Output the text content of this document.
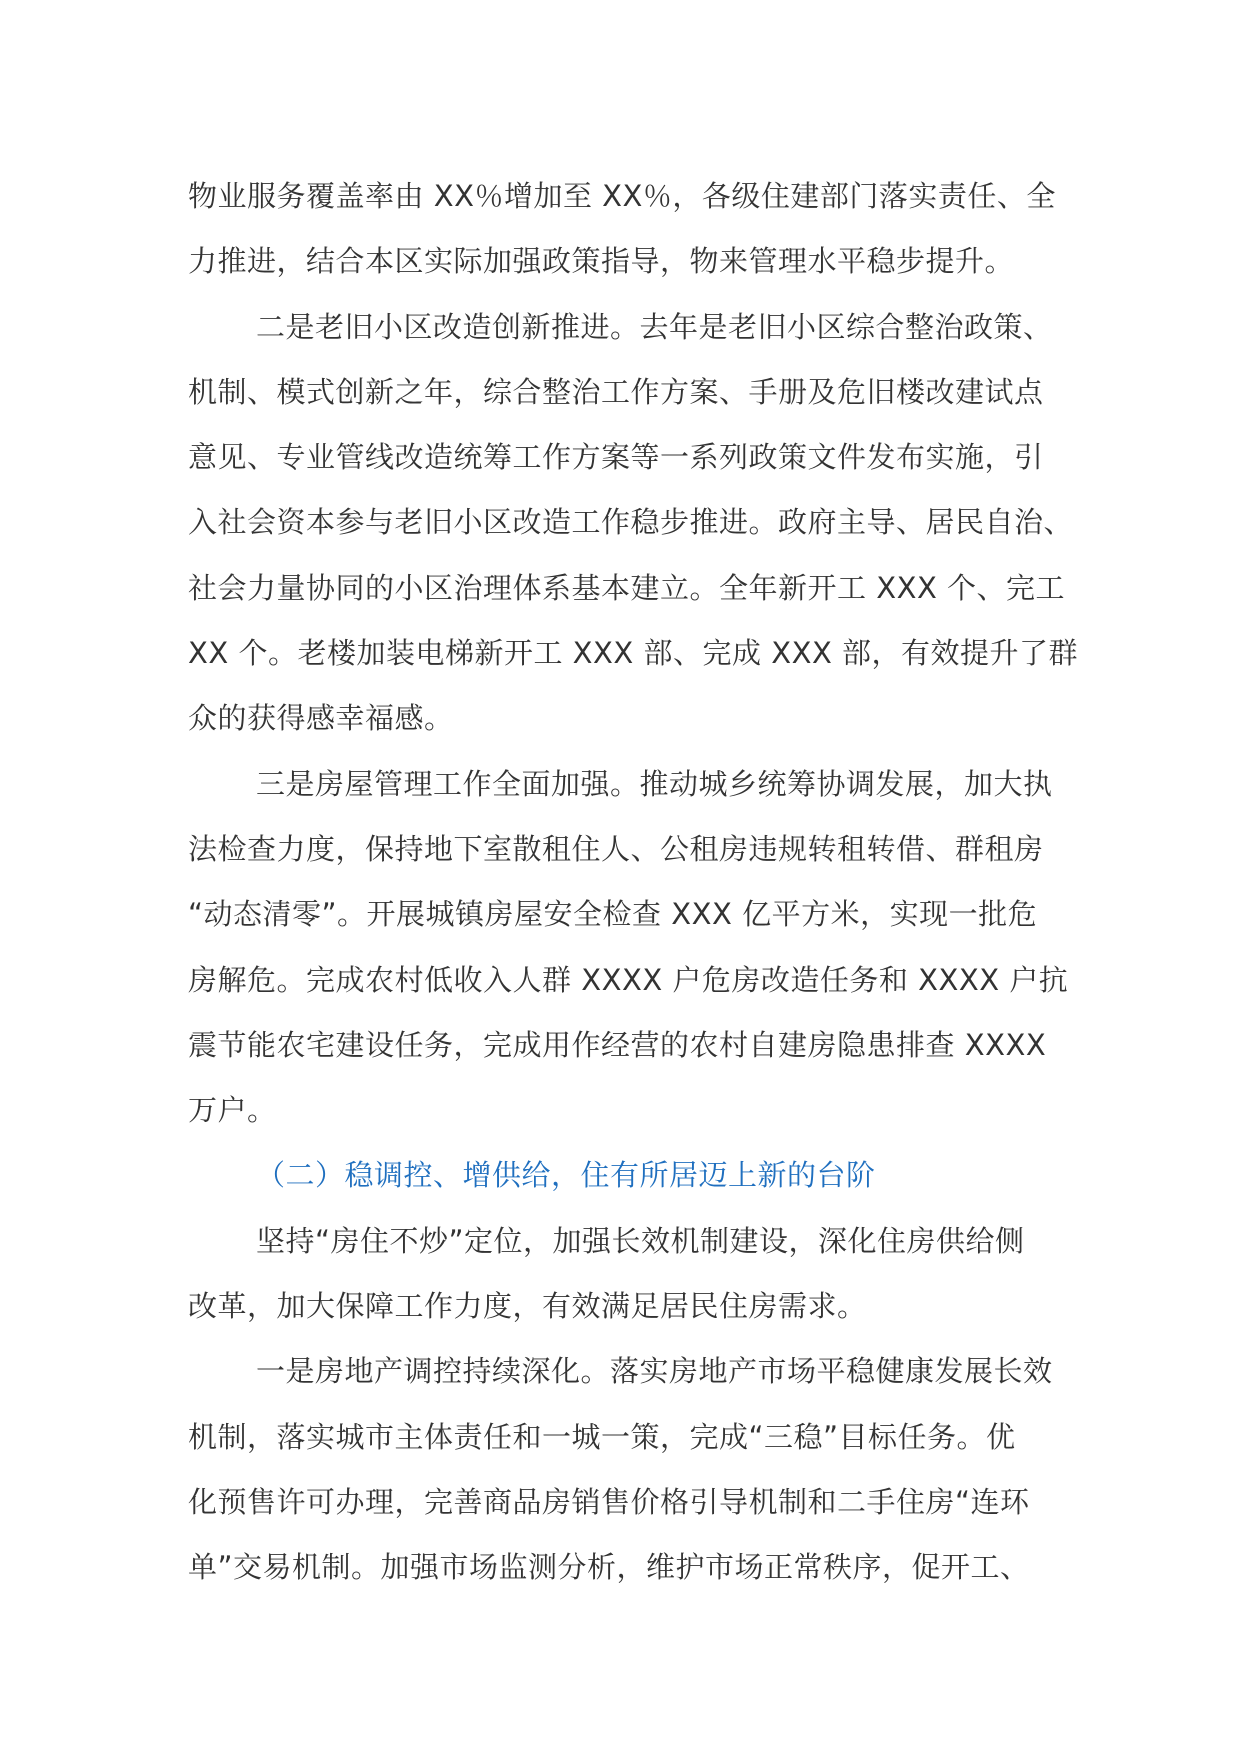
物业服务覆盖率由 XX％增加至 XX％，各级住建部门落实责任、全
力推进，结合本区实际加强政策指导，物来管理水平稳步提升。
二是老旧小区改造创新推进。去年是老旧小区综合整治政策、
机制、模式创新之年，综合整治工作方案、手册及危旧楼改建试点
意见、专业管线改造统筹工作方案等一系列政策文件发布实施，引
入社会资本参与老旧小区改造工作稳步推进。政府主导、居民自治、
社会力量协同的小区治理体系基本建立。全年新开工 XXX 个、完工
XX 个。老楼加装电梯新开工 XXX 部、完成 XXX 部，有效提升了群
众的获得感幸福感。
三是房屋管理工作全面加强。推动城乡统筹协调发展，加大执
法检查力度，保持地下室散租住人、公租房违规转租转借、群租房
“动态清零”。开展城镇房屋安全检查 XXX 亿平方米，实现一批危
房解危。完成农村低收入人群 XXXX 户危房改造任务和 XXXX 户抗
震节能农宅建设任务，完成用作经营的农村自建房隐患排查 XXXX
万户。
（二）稳调控、增供给，住有所居迈上新的台阶
坚持“房住不炒”定位，加强长效机制建设，深化住房供给侧
改革，加大保障工作力度，有效满足居民住房需求。
一是房地产调控持续深化。落实房地产市场平稳健康发展长效
机制，落实城市主体责任和一城一策，完成“三稳”目标任务。优
化预售许可办理，完善商品房销售价格引导机制和二手住房“连环
单”交易机制。加强市场监测分析，维护市场正常秩序，促开工、
